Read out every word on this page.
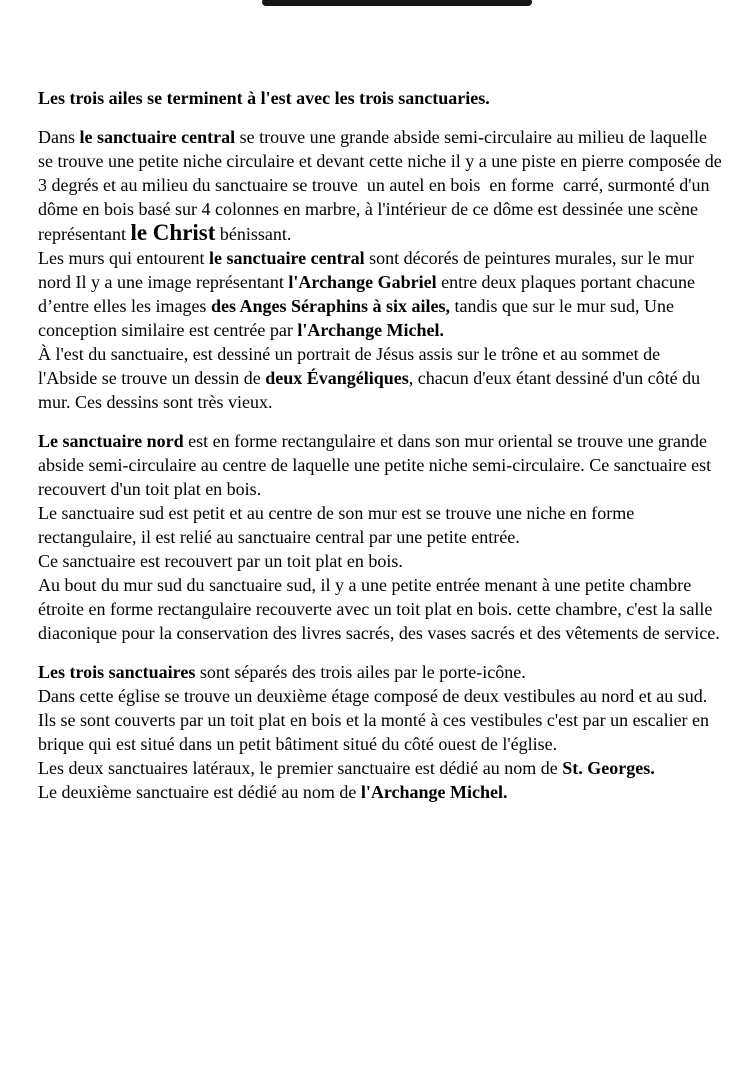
Les trois ailes se terminent à l'est avec les trois sanctuaries.

Dans le sanctuaire central se trouve une grande abside semi-circulaire au milieu de laquelle se trouve une petite niche circulaire et devant cette niche il y a une piste en pierre composée de 3 degrés et au milieu du sanctuaire se trouve  un autel en bois  en forme  carré, surmonté d'un dôme en bois basé sur 4 colonnes en marbre, à l'intérieur de ce dôme est dessinée une scène représentant le Christ bénissant.

Les murs qui entourent le sanctuaire central sont décorés de peintures murales, sur le mur nord Il y a une image représentant l'Archange Gabriel entre deux plaques portant chacune d’entre elles les images des Anges Séraphins à six ailes, tandis que sur le mur sud, Une conception similaire est centrée par l'Archange Michel.

À l'est du sanctuaire, est dessiné un portrait de Jésus assis sur le trône et au sommet de l'Abside se trouve un dessin de deux Évangéliques, chacun d'eux étant dessiné d'un côté du mur. Ces dessins sont très vieux.

Le sanctuaire nord est en forme rectangulaire et dans son mur oriental se trouve une grande abside semi-circulaire au centre de laquelle une petite niche semi-circulaire. Ce sanctuaire est recouvert d'un toit plat en bois.

Le sanctuaire sud est petit et au centre de son mur est se trouve une niche en forme rectangulaire, il est relié au sanctuaire central par une petite entrée.

Ce sanctuaire est recouvert par un toit plat en bois.

Au bout du mur sud du sanctuaire sud, il y a une petite entrée menant à une petite chambre étroite en forme rectangulaire recouverte avec un toit plat en bois. cette chambre, c'est la salle diaconique pour la conservation des livres sacrés, des vases sacrés et des vêtements de service.

Les trois sanctuaires sont séparés des trois ailes par le porte-icône.

Dans cette église se trouve un deuxième étage composé de deux vestibules au nord et au sud.

Ils se sont couverts par un toit plat en bois et la monté à ces vestibules c'est par un escalier en brique qui est situé dans un petit bâtiment situé du côté ouest de l'église.

Les deux sanctuaires latéraux, le premier sanctuaire est dédié au nom de St. Georges.

Le deuxième sanctuaire est dédié au nom de l'Archange Michel.
